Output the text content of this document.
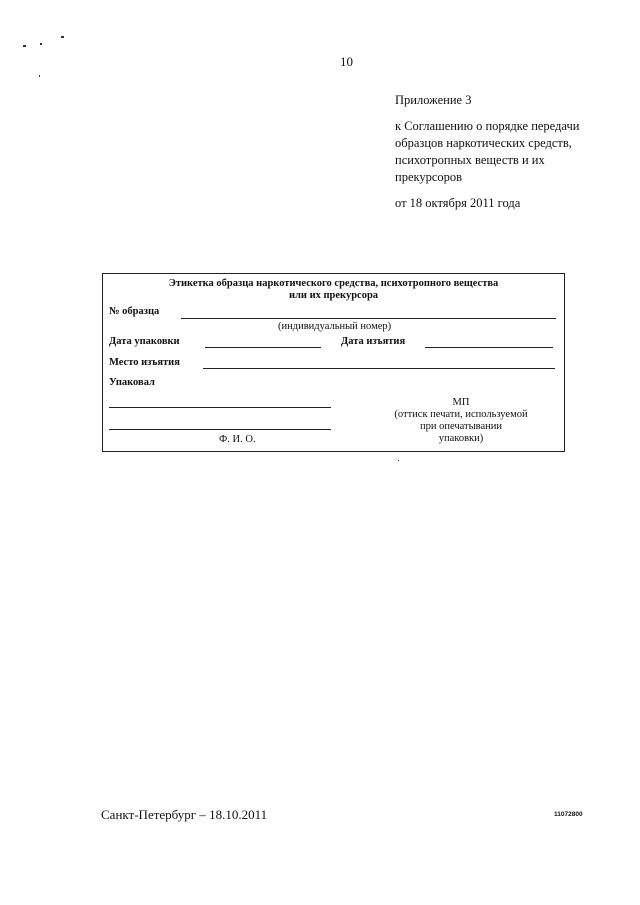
10
Приложение 3
к Соглашению о порядке передачи
образцов наркотических средств,
психотропных веществ и их
прекурсоров
от 18 октября 2011 года
Этикетка образца наркотического средства, психотропного вещества
или их прекурсора
№ образца
(индивидуальный номер)
Дата упаковки	Дата изъятия
Место изъятия
Упаковал
Ф. И. О.
МП
(оттиск печати, используемой
при опечатывании
упаковки)
Санкт-Петербург – 18.10.2011	11072800
